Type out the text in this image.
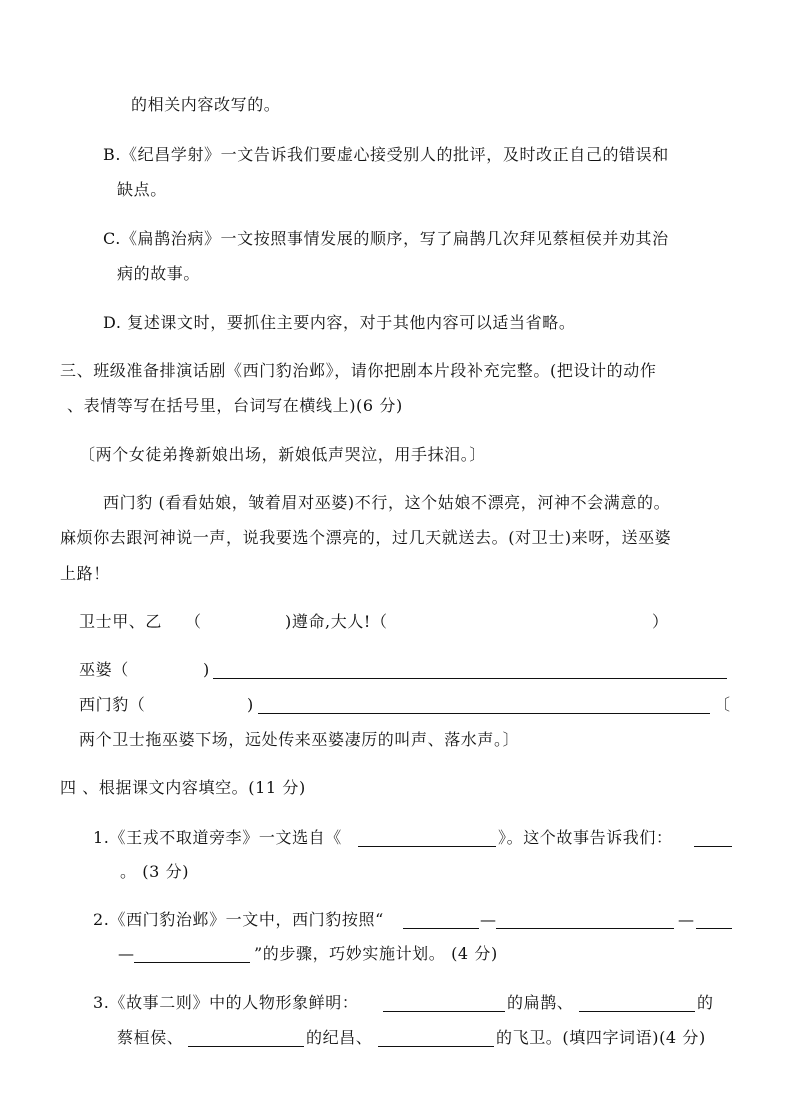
的相关内容改写的。
B.《纪昌学射》一文告诉我们要虚心接受别人的批评，及时改正自己的错误和
缺点。
C.《扁鹊治病》一文按照事情发展的顺序，写了扁鹊几次拜见蔡桓侯并劝其治
病的故事。
D. 复述课文时，要抓住主要内容，对于其他内容可以适当省略。
三、班级准备排演话剧《西门豹治邺》，请你把剧本片段补充完整。(把设计的动作
、表情等写在括号里，台词写在横线上)(6 分)
〔两个女徒弟搀新娘出场，新娘低声哭泣，用手抹泪。〕
西门豹 (看看姑娘，皱着眉对巫婆)不行，这个姑娘不漂亮，河神不会满意的。
麻烦你去跟河神说一声，说我要选个漂亮的，过几天就送去。(对卫士)来呀，送巫婆
上路！
卫士甲、乙 （	)遵命,大人!（	）
巫婆（	)
西门豹（	)	〔
两个卫士拖巫婆下场，远处传来巫婆凄厉的叫声、落水声。〕
四 、根据课文内容填空。(11 分)
1.《王戎不取道旁李》一文选自《	》。这个故事告诉我们：
。 (3 分)
2.《西门豹治邺》一文中，西门豹按照“	—	—
—	”的步骤，巧妙实施计划。 (4 分)
3.《故事二则》中的人物形象鲜明：	的扁鹊、	的
蔡桓侯、	的纪昌、	的飞卫。(填四字词语)(4 分)
